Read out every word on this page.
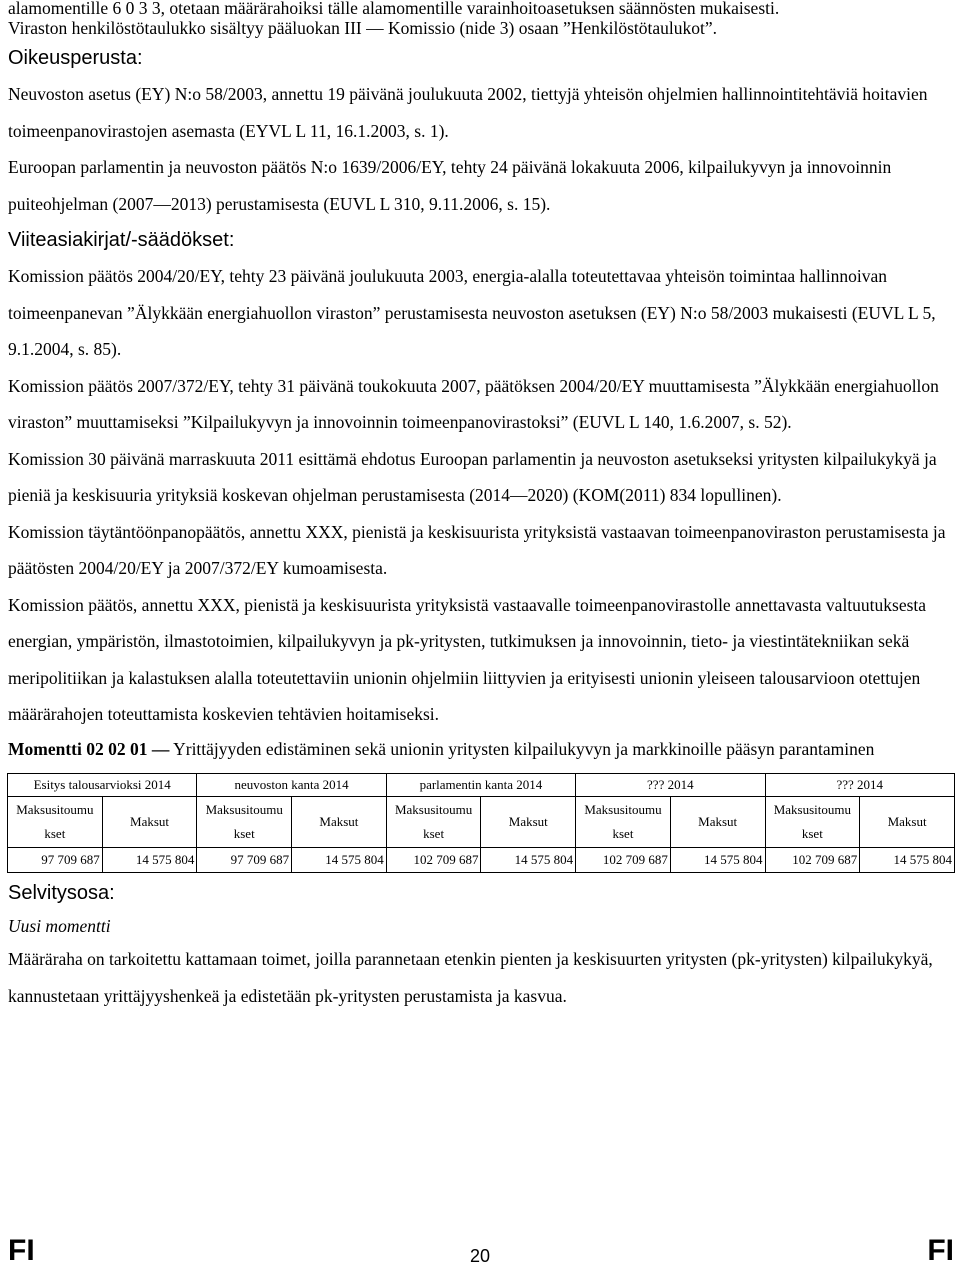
alamomentille 6 0 3 3, otetaan määrärahoiksi tälle alamomentille varainhoitoasetuksen säännösten mukaisesti.

Viraston henkilöstötaulukko sisältyy pääluokan III — Komissio (nide 3) osaan ”Henkilöstötaulukot”.

Oikeusperusta:

Neuvoston asetus (EY) N:o 58/2003, annettu 19 päivänä joulukuuta 2002, tiettyjä yhteisön ohjelmien hallinnointitehtäviä hoitavien toimeenpanovirastojen asemasta (EYVL L 11, 16.1.2003, s. 1).

Euroopan parlamentin ja neuvoston päätös N:o 1639/2006/EY, tehty 24 päivänä lokakuuta 2006, kilpailukyvyn ja innovoinnin puiteohjelman (2007—2013) perustamisesta (EUVL L 310, 9.11.2006, s. 15).

Viiteasiakirjat/-säädökset:

Komission päätös 2004/20/EY, tehty 23 päivänä joulukuuta 2003, energia-alalla toteutettavaa yhteisön toimintaa hallinnoivan toimeenpanevan ”Älykkään energiahuollon viraston” perustamisesta neuvoston asetuksen (EY) N:o 58/2003 mukaisesti (EUVL L 5, 9.1.2004, s. 85).

Komission päätös 2007/372/EY, tehty 31 päivänä toukokuuta 2007, päätöksen 2004/20/EY muuttamisesta ”Älykkään energiahuollon viraston” muuttamiseksi ”Kilpailukyvyn ja innovoinnin toimeenpanovirastoksi” (EUVL L 140, 1.6.2007, s. 52).

Komission 30 päivänä marraskuuta 2011 esittämä ehdotus Euroopan parlamentin ja neuvoston asetukseksi yritysten kilpailukykyä ja pieniä ja keskisuuria yrityksiä koskevan ohjelman perustamisesta (2014—2020) (KOM(2011) 834 lopullinen).

Komission täytäntöönpanopäätös, annettu XXX, pienistä ja keskisuurista yrityksistä vastaavan toimeenpanoviraston perustamisesta ja päätösten 2004/20/EY ja 2007/372/EY kumoamisesta.

Komission päätös, annettu XXX, pienistä ja keskisuurista yrityksistä vastaavalle toimeenpanovirastolle annettavasta valtuutuksesta energian, ympäristön, ilmastotoimien, kilpailukyvyn ja pk-yritysten, tutkimuksen ja innovoinnin, tieto- ja viestintätekniikan sekä meripolitiikan ja kalastuksen alalla toteutettaviin unionin ohjelmiin liittyvien ja erityisesti unionin yleiseen talousarvioon otettujen määrärahojen toteuttamista koskevien tehtävien hoitamiseksi.

Momentti 02 02 01 — Yrittäjyyden edistäminen sekä unionin yritysten kilpailukyvyn ja markkinoille pääsyn parantaminen

Esitys talousarvioksi 2014		neuvoston kanta 2014		parlamentin kanta 2014		??? 2014		??? 2014	
Maksusitoumu kset	Maksut	Maksusitoumu kset	Maksut	Maksusitoumu kset	Maksut	Maksusitoumu kset	Maksut	Maksusitoumu kset	Maksut
97 709 687	14 575 804	97 709 687	14 575 804	102 709 687	14 575 804	102 709 687	14 575 804	102 709 687	14 575 804

Selvitysosa:

Uusi momentti

Määräraha on tarkoitettu kattamaan toimet, joilla parannetaan etenkin pienten ja keskisuurten yritysten (pk-yritysten) kilpailukykyä, kannustetaan yrittäjyyshenkeä ja edistetään pk-yritysten perustamista ja kasvua.

FI	20	FI
